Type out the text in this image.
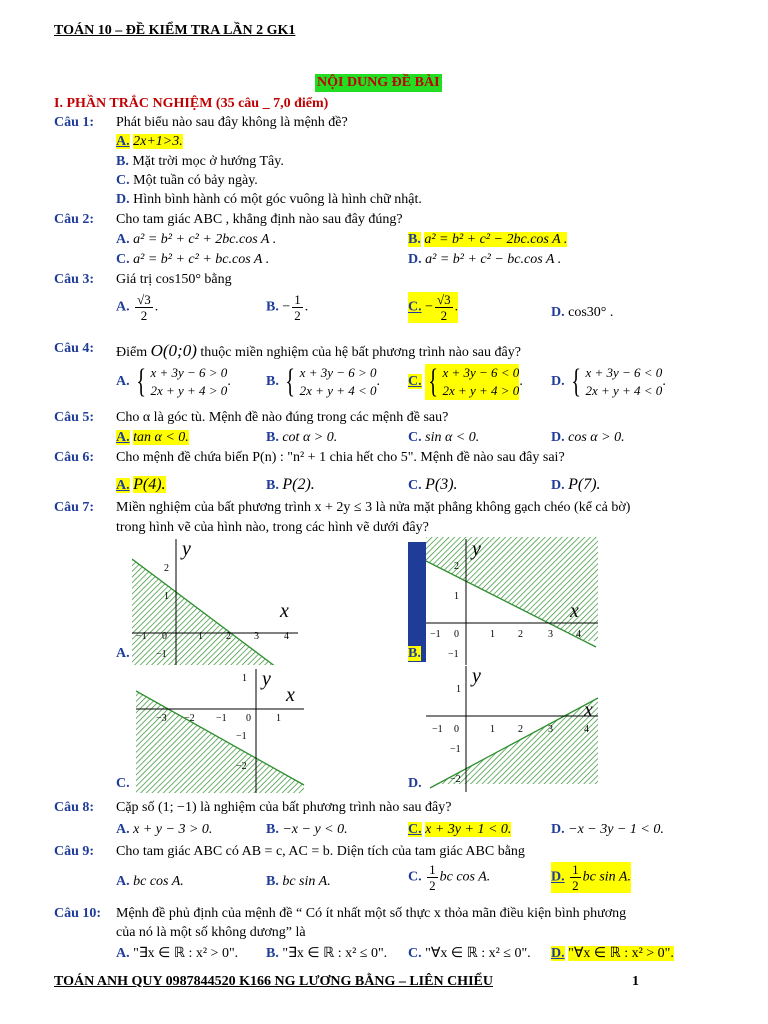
TOÁN 10 – ĐỀ KIỂM TRA LẦN 2 GK1
NỘI DUNG ĐỀ BÀI
I. PHẦN TRẮC NGHIỆM (35 câu _ 7,0 điểm)
Câu 1: Phát biểu nào sau đây không là mệnh đề?
A. 2x+1>3.
B. Mặt trời mọc ở hướng Tây.
C. Một tuần có bảy ngày.
D. Hình bình hành có một góc vuông là hình chữ nhật.
Câu 2: Cho tam giác ABC , khẳng định nào sau đây đúng?
A. a² = b² + c² + 2bc.cos A .	B. a² = b² + c² − 2bc.cos A .
C. a² = b² + c² + bc.cos A .	D. a² = b² + c² − bc.cos A .
Câu 3: Giá trị cos150° bằng
A. $\frac{√3}{2}$ .	B. − $\frac{1}{2}$ .	C. − $\frac{√3}{2}$ .	D. cos30° .
Câu 4: Điểm O(0;0) thuộc miền nghiệm của hệ bất phương trình nào sau đây?
A. { x + 3y − 6 > 0
2x + y + 4 > 0
.	B. { x + 3y − 6 > 0
2x + y + 4 < 0
. C. { x + 3y − 6 < 0
2x + y + 4 > 0
. D. { x + 3y − 6 < 0
2x + y + 4 < 0
.
Câu 5: Cho α là góc tù. Mệnh đề nào đúng trong các mệnh đề sau?
A. tan α < 0.	B. cot α > 0.	C. sin α < 0.	D. cos α > 0.
Câu 6: Cho mệnh đề chứa biến P(n) : "n² + 1 chia hết cho 5". Mệnh đề nào sau đây sai?
A. P(4).	B. P(2).	C. P(3).	D. P(7).
Câu 7: Miền nghiệm của bất phương trình x + 2y ≤ 3 là nửa mặt phẳng không gạch chéo (kể cả bờ)
trong hình vẽ của hình nào, trong các hình vẽ dưới đây?
A.
y
x
−1 0	1 2 3	4
2
1
−1	B.
y
x
−1 0	1 2	3 4
2
1
−1
C.
y
x
−3 −2 −1 0	1
1
−1
−2
D.
y
x
−1 0	1 2	3	4
1
−1
−2
Câu 8: Cặp số (1; −1) là nghiệm của bất phương trình nào sau đây?
A. x + y − 3 > 0.	B. −x − y < 0.	C. x + 3y + 1 < 0.	D. −x − 3y − 1 < 0.
Câu 9: Cho tam giác ABC có AB = c, AC = b. Diện tích của tam giác ABC bằng
A. bc cos A.	B. bc sin A.	C. $\frac{1}{2}$ bc cos A.	D. $\frac{1}{2}$ bc sin A.
Câu 10: Mệnh đề phủ định của mệnh đề “ Có ít nhất một số thực x thỏa mãn điều kiện bình phương
của nó là một số không dương” là
A. "∃x ∈ ℝ : x² > 0". B. "∃x ∈ ℝ : x² ≤ 0". C. "∀x ∈ ℝ : x² ≤ 0". D. "∀x ∈ ℝ : x² > 0".
TOÁN ANH QUY 0987844520 K166 NG LƯƠNG BẰNG – LIÊN CHIỂU	1
